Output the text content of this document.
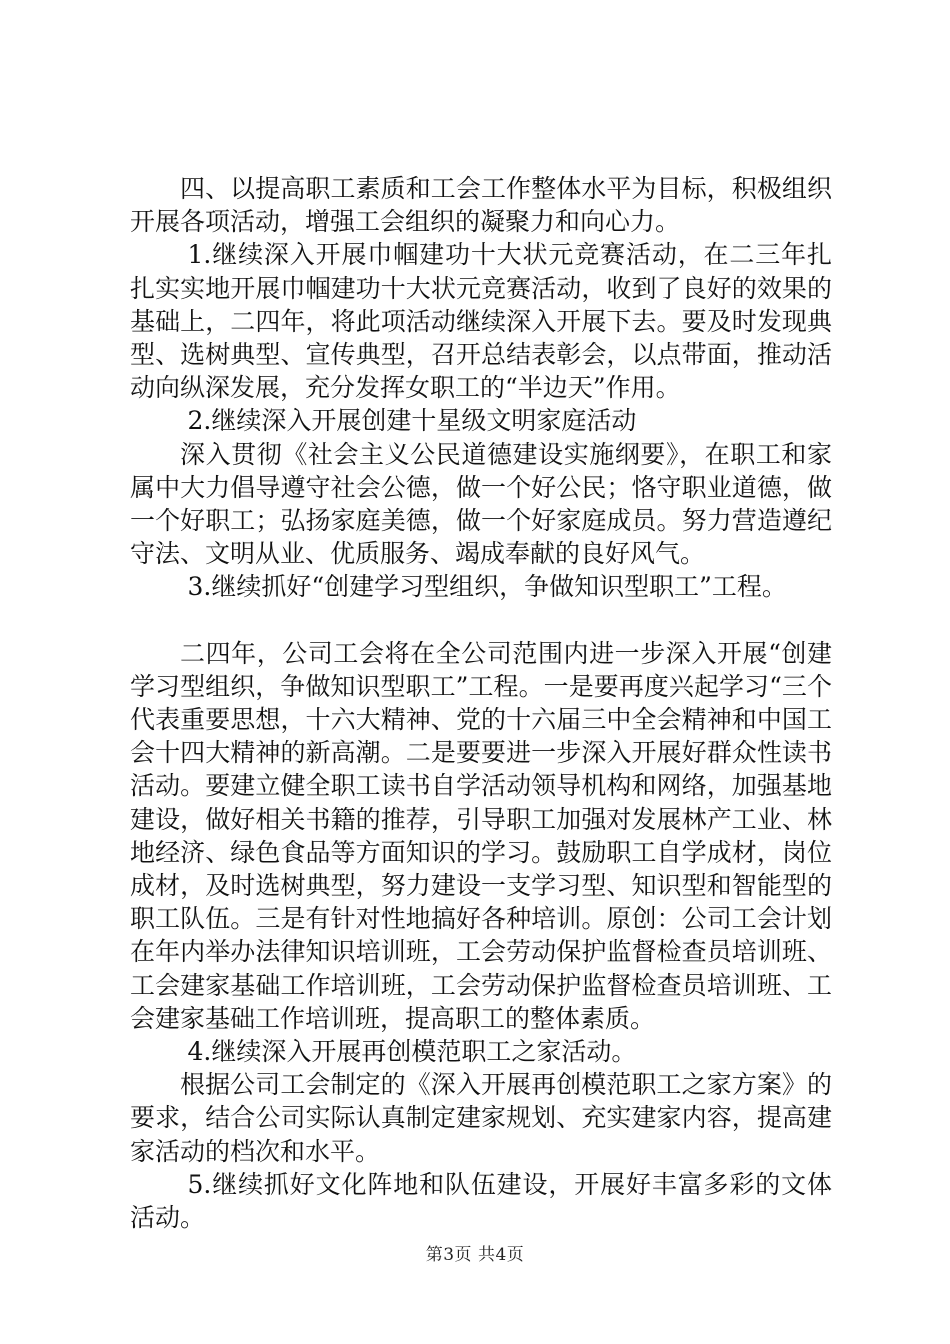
四、以提高职工素质和工会工作整体水平为目标，积极组织开展各项活动，增强工会组织的凝聚力和向心力。

1.继续深入开展巾帼建功十大状元竞赛活动，在二三年扎扎实实地开展巾帼建功十大状元竞赛活动，收到了良好的效果的基础上，二四年，将此项活动继续深入开展下去。要及时发现典型、选树典型、宣传典型，召开总结表彰会，以点带面，推动活动向纵深发展，充分发挥女职工的“半边天”作用。

2.继续深入开展创建十星级文明家庭活动

深入贯彻《社会主义公民道德建设实施纲要》，在职工和家属中大力倡导遵守社会公德，做一个好公民；恪守职业道德，做一个好职工；弘扬家庭美德，做一个好家庭成员。努力营造遵纪守法、文明从业、优质服务、竭成奉献的良好风气。

3.继续抓好“创建学习型组织，争做知识型职工”工程。

二四年，公司工会将在全公司范围内进一步深入开展“创建学习型组织，争做知识型职工”工程。一是要再度兴起学习“三个代表重要思想，十六大精神、党的十六届三中全会精神和中国工会十四大精神的新高潮。二是要要进一步深入开展好群众性读书活动。要建立健全职工读书自学活动领导机构和网络，加强基地建设，做好相关书籍的推荐，引导职工加强对发展林产工业、林地经济、绿色食品等方面知识的学习。鼓励职工自学成材，岗位成材，及时选树典型，努力建设一支学习型、知识型和智能型的职工队伍。三是有针对性地搞好各种培训。原创：公司工会计划在年内举办法律知识培训班，工会劳动保护监督检查员培训班、工会建家基础工作培训班，工会劳动保护监督检查员培训班、工会建家基础工作培训班，提高职工的整体素质。

4.继续深入开展再创模范职工之家活动。

根据公司工会制定的《深入开展再创模范职工之家方案》的要求，结合公司实际认真制定建家规划、充实建家内容，提高建家活动的档次和水平。

5.继续抓好文化阵地和队伍建设，开展好丰富多彩的文体活动。

第3页 共4页
